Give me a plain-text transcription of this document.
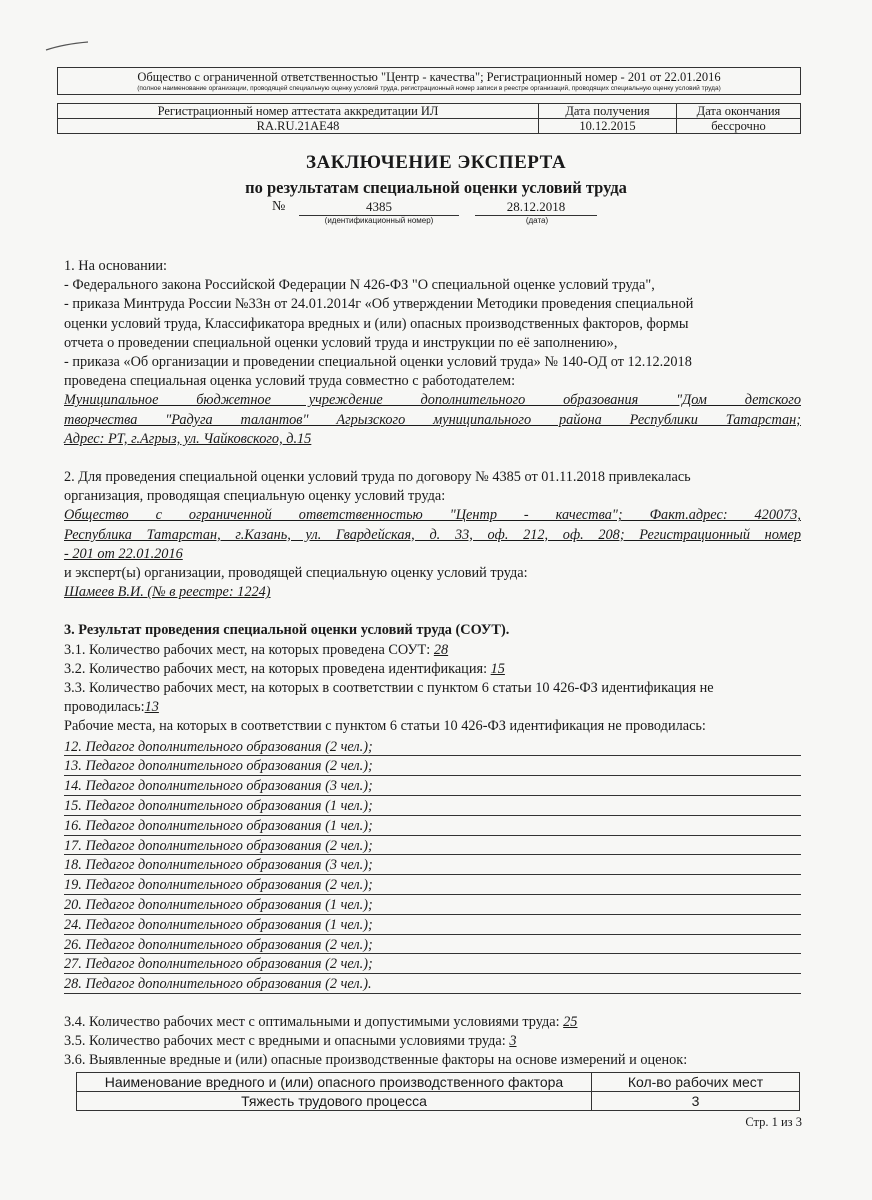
Общество с ограниченной ответственностью "Центр - качества"; Регистрационный номер - 201 от 22.01.2016
(полное наименование организации, проводящей специальную оценку условий труда, регистрационный номер записи в реестре организаций, проводящих специальную оценку условий труда)
Регистрационный номер аттестата аккредитации ИЛ	Дата получения	Дата окончания
RA.RU.21AE48	10.12.2015	бессрочно
ЗАКЛЮЧЕНИЕ ЭКСПЕРТА
по результатам специальной оценки условий труда
№	4385	28.12.2018
(идентификационный номер)	(дата)

1. На основании:

- Федерального закона Российской Федерации N 426-ФЗ "О специальной оценке условий труда",

- приказа Минтруда России №33н от 24.01.2014г «Об утверждении Методики проведения специальной

оценки условий труда, Классификатора вредных и (или) опасных производственных факторов, формы

отчета о проведении специальной оценки условий труда и инструкции по её заполнению»,

- приказа «Об организации и проведении специальной оценки условий труда» № 140-ОД от 12.12.2018

проведена специальная оценка условий труда совместно с работодателем:

Муниципальное бюджетное учреждение дополнительного образования "Дом детского

творчества "Радуга талантов" Агрызского муниципального района Республики Татарстан;

Адрес: РТ, г.Агрыз, ул. Чайковского, д.15

2. Для проведения специальной оценки условий труда по договору № 4385 от 01.11.2018 привлекалась

организация, проводящая специальную оценку условий труда:

Общество с ограниченной ответственностью "Центр - качества"; Факт.адрес: 420073,

Республика Татарстан, г.Казань, ул. Гвардейская, д. 33, оф. 212, оф. 208; Регистрационный номер

- 201 от 22.01.2016

и эксперт(ы) организации, проводящей специальную оценку условий труда:

Шамеев В.И. (№ в реестре: 1224)

3. Результат проведения специальной оценки условий труда (СОУТ).

3.1. Количество рабочих мест, на которых проведена СОУТ: 28

3.2. Количество рабочих мест, на которых проведена идентификация: 15

3.3. Количество рабочих мест, на которых в соответствии с пунктом 6 статьи 10 426-ФЗ идентификация не

проводилась:13

Рабочие места, на которых в соответствии с пунктом 6 статьи 10 426-ФЗ идентификация не проводилась:

12. Педагог дополнительного образования (2 чел.);
13. Педагог дополнительного образования (2 чел.);
14. Педагог дополнительного образования (3 чел.);
15. Педагог дополнительного образования (1 чел.);
16. Педагог дополнительного образования (1 чел.);
17. Педагог дополнительного образования (2 чел.);
18. Педагог дополнительного образования (3 чел.);
19. Педагог дополнительного образования (2 чел.);
20. Педагог дополнительного образования (1 чел.);
24. Педагог дополнительного образования (1 чел.);
26. Педагог дополнительного образования (2 чел.);
27. Педагог дополнительного образования (2 чел.);
28. Педагог дополнительного образования (2 чел.).

3.4. Количество рабочих мест с оптимальными и допустимыми условиями труда: 25

3.5. Количество рабочих мест с вредными и опасными условиями труда: 3

3.6. Выявленные вредные и (или) опасные производственные факторы на основе измерений и оценок:

Наименование вредного и (или) опасного производственного фактора	Кол-во рабочих мест
Тяжесть трудового процесса	3
Стр. 1 из 3
